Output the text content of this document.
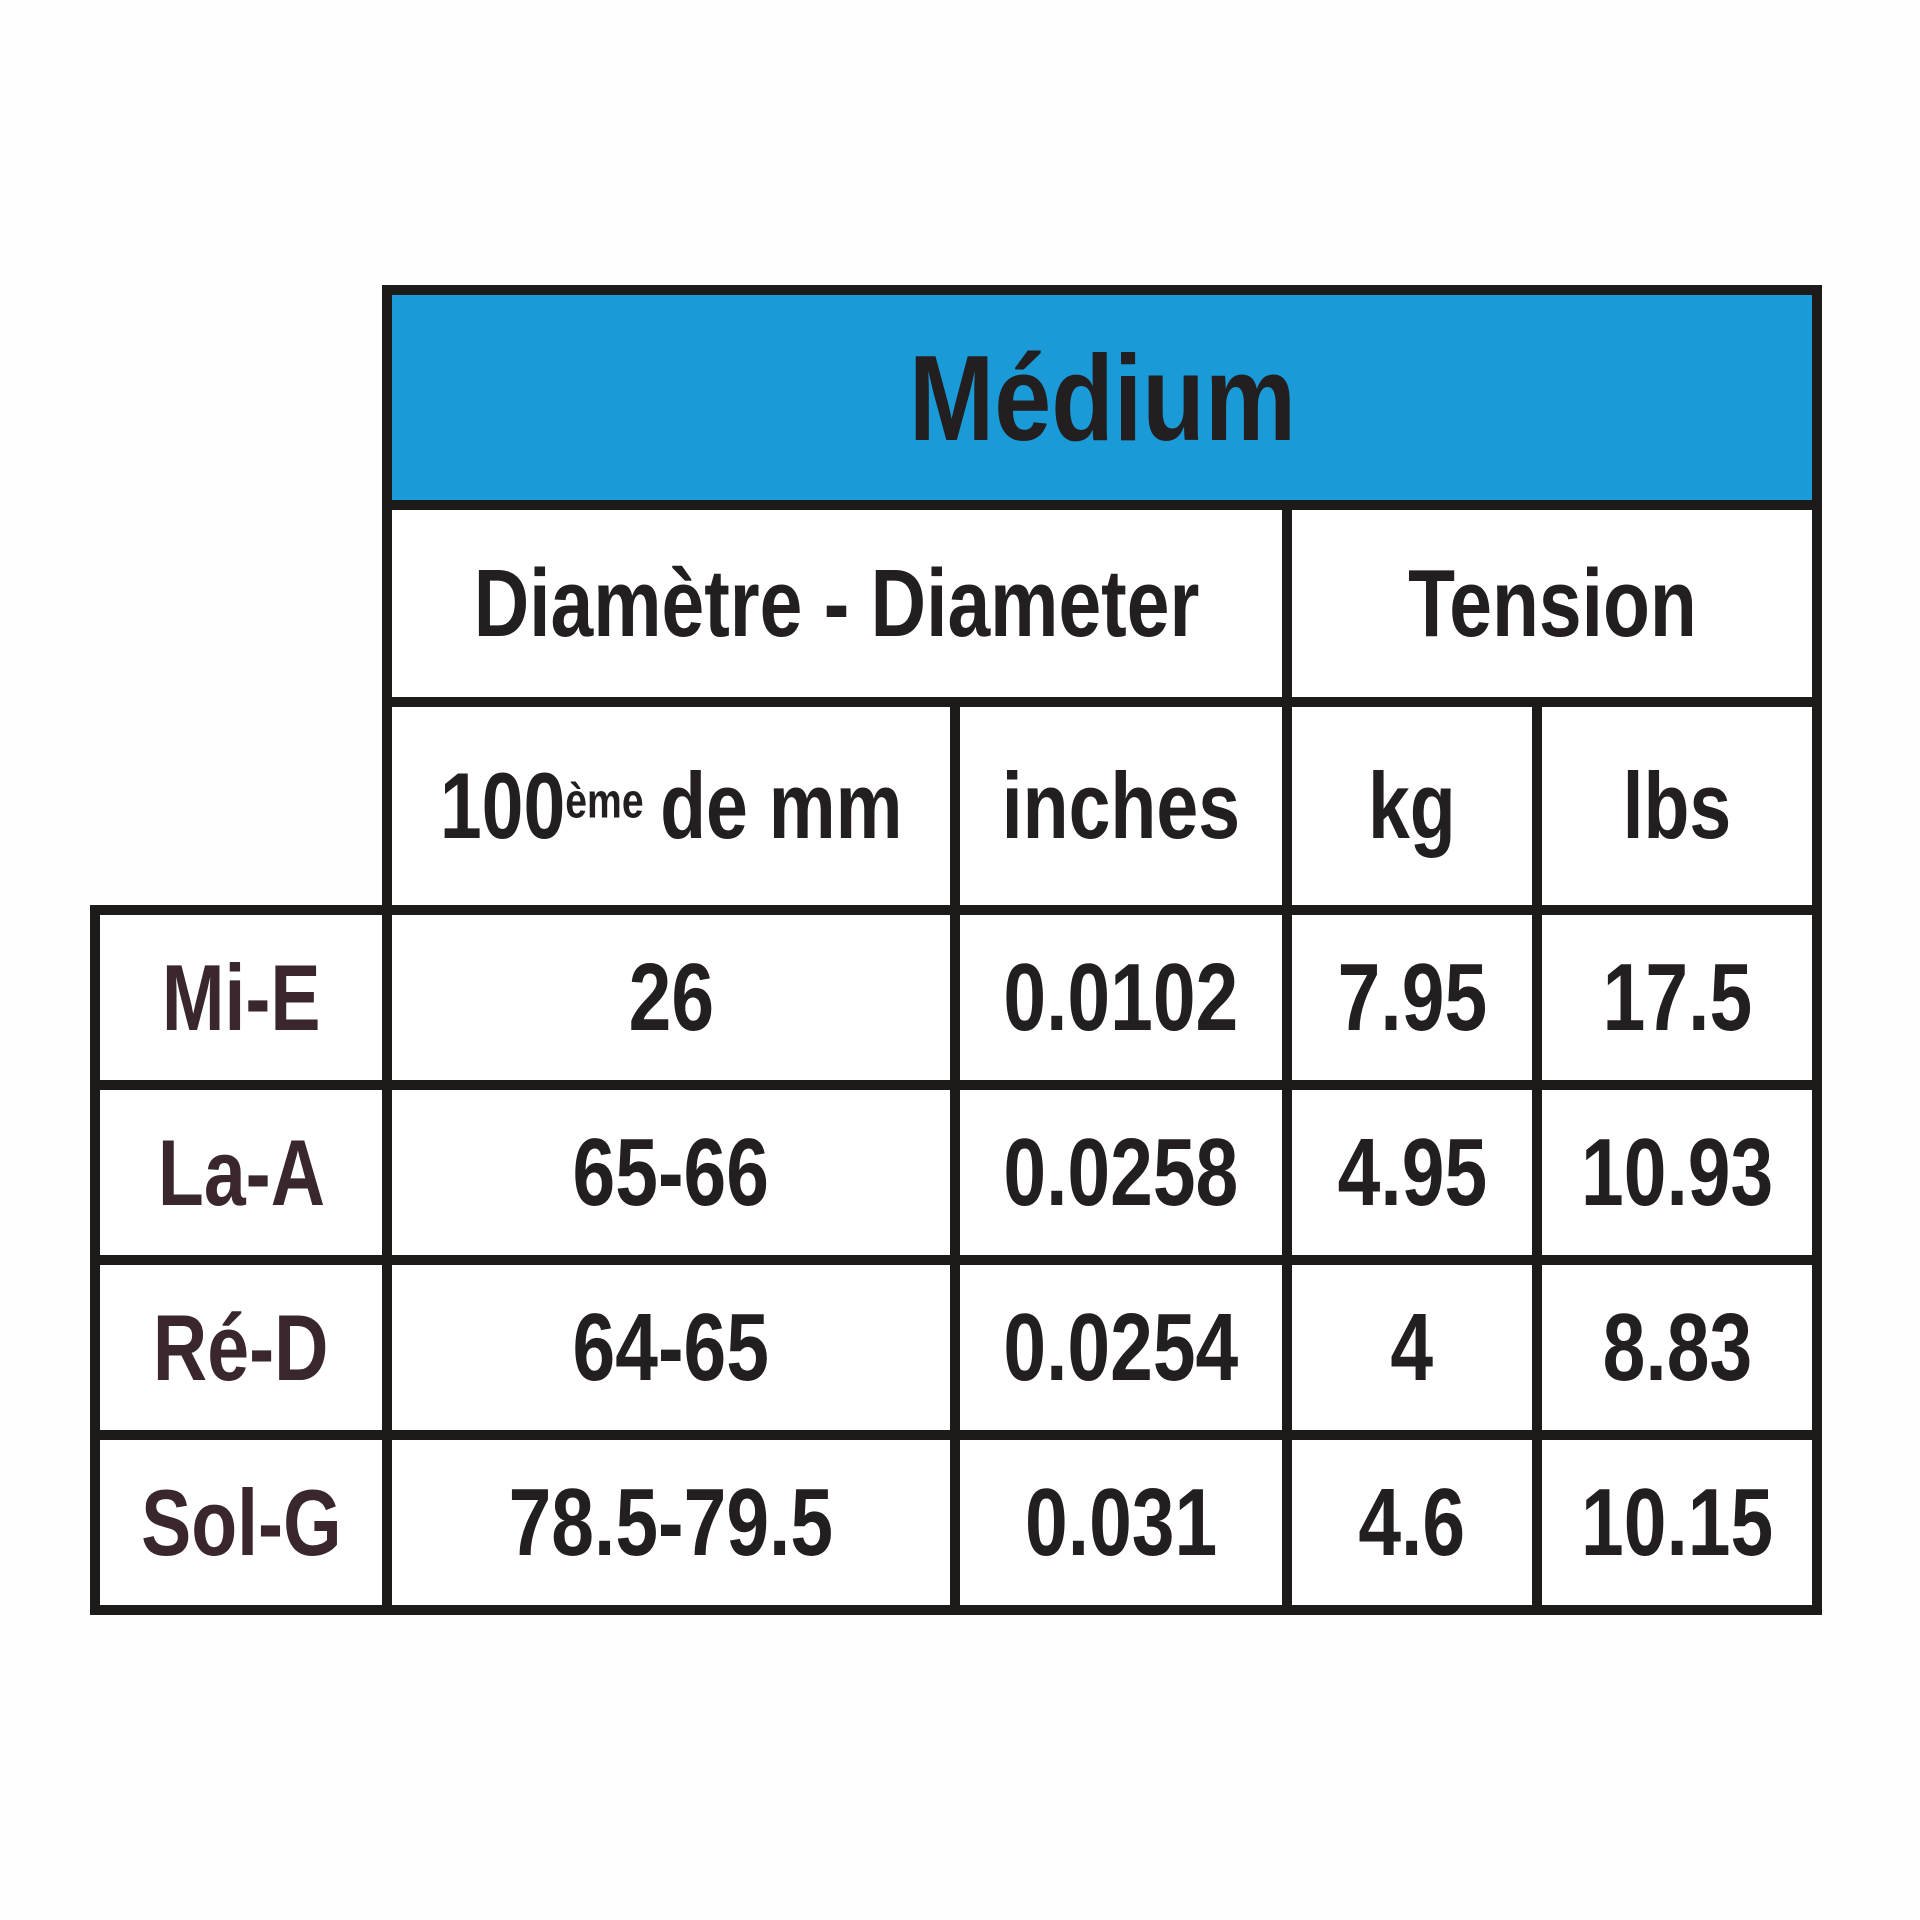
Médium
Diamètre - Diameter Tension
100ème de mm inches kg lbs
Mi-E	26	0.0102 7.95 17.5
La-A	65-66 0.0258 4.95 10.93
Ré-D	64-65 0.0254 4 8.83
Sol-G 78.5-79.5 0.031 4.6 10.15
